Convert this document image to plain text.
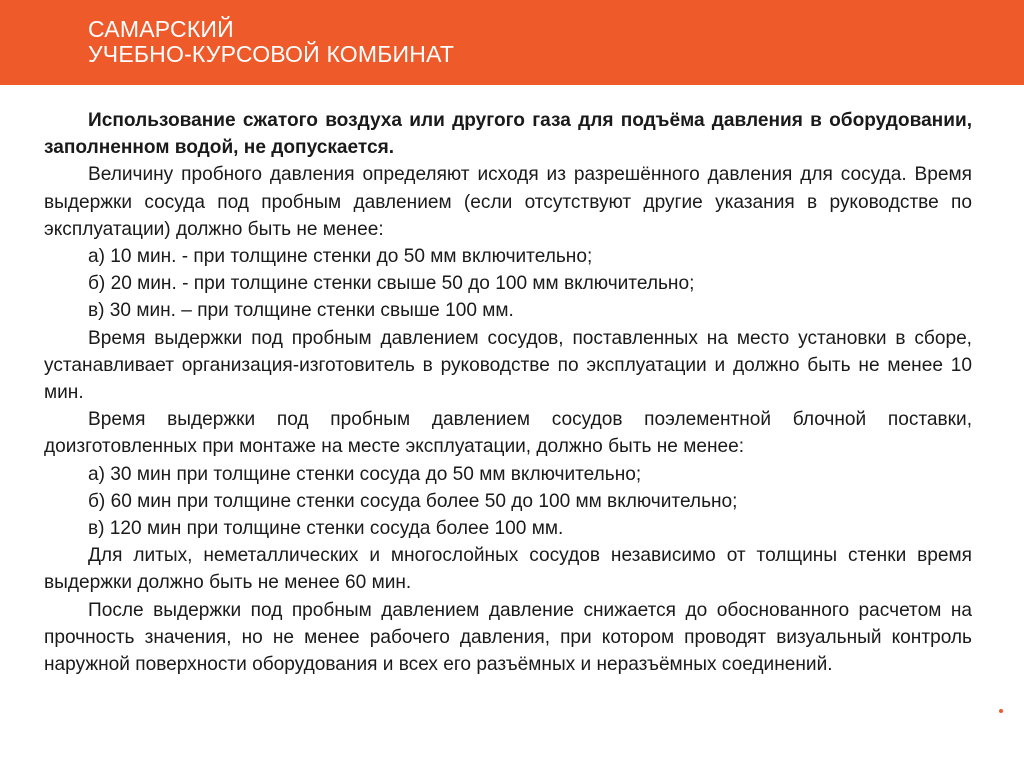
САМАРСКИЙ
УЧЕБНО-КУРСОВОЙ КОМБИНАТ

Использование сжатого воздуха или другого газа для подъёма давления в оборудовании, заполненном водой, не допускается.

Величину пробного давления определяют исходя из разрешённого давления для сосуда. Время выдержки сосуда под пробным давлением (если отсутствуют другие указания в руководстве по эксплуатации) должно быть не менее:

а) 10 мин. - при толщине стенки до 50 мм включительно;

б) 20 мин. - при толщине стенки свыше 50 до 100 мм включительно;

в) 30 мин. – при толщине стенки свыше 100 мм.

Время выдержки под пробным давлением сосудов, поставленных на место установки в сборе, устанавливает организация-изготовитель в руководстве по эксплуатации и должно быть не менее 10 мин.

Время выдержки под пробным давлением сосудов поэлементной блочной поставки, доизготовленных при монтаже на месте эксплуатации, должно быть не менее:

а) 30 мин при толщине стенки сосуда до 50 мм включительно;

б) 60 мин при толщине стенки сосуда более 50 до 100 мм включительно;

в) 120 мин при толщине стенки сосуда более 100 мм.

Для литых, неметаллических и многослойных сосудов независимо от толщины стенки время выдержки должно быть не менее 60 мин.

После выдержки под пробным давлением давление снижается до обоснованного расчетом на прочность значения, но не менее рабочего давления, при котором проводят визуальный контроль наружной поверхности оборудования и всех его разъёмных и неразъёмных соединений.
